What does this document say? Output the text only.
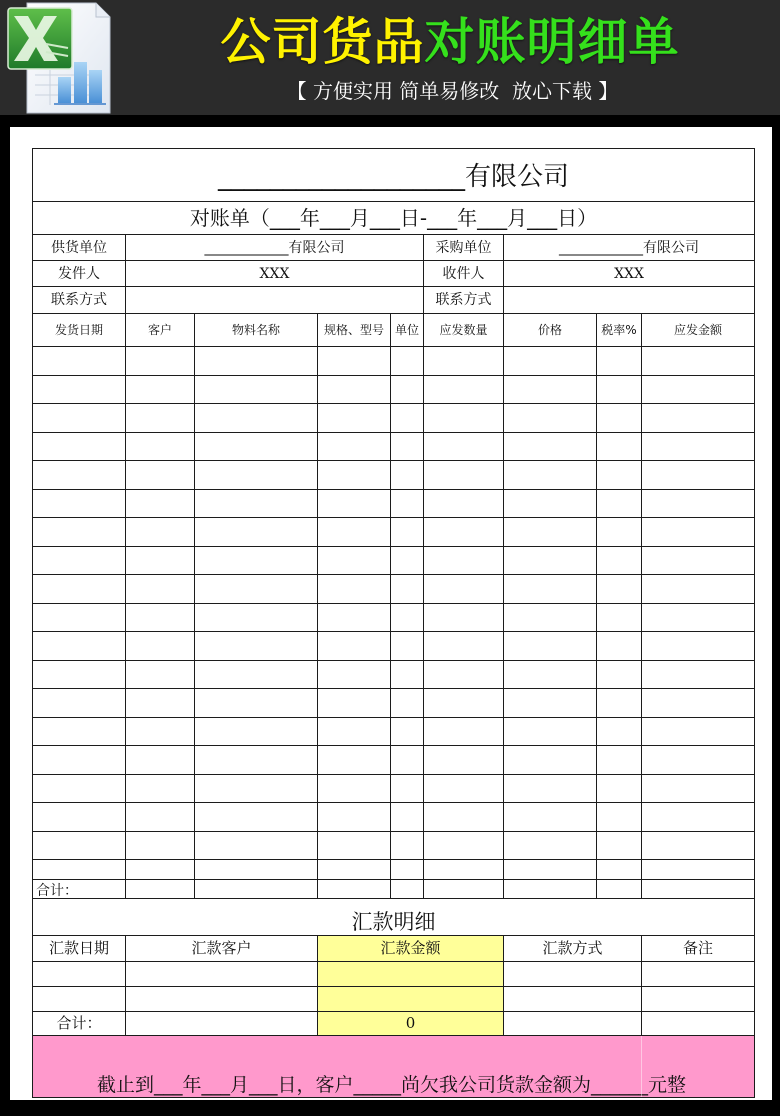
公司货品对账明细单
【 方便实用 简单易修改  放心下载 】
___________________有限公司								
对账单（___年___月___日-___年___月___日）								
供货单位	____________有限公司				采购单位	____________有限公司		
发件人	XXX				收件人	XXX		
联系方式					联系方式			
发货日期	客户	物料名称	规格、型号	单位	应发数量	价格	税率%	应发金额

合计：								
汇款明细								
汇款日期	汇款客户		汇款金额			汇款方式		备注

合计：			0					

截止到___年___月___日，客户_____尚欠我公司货款金额为______元整								
